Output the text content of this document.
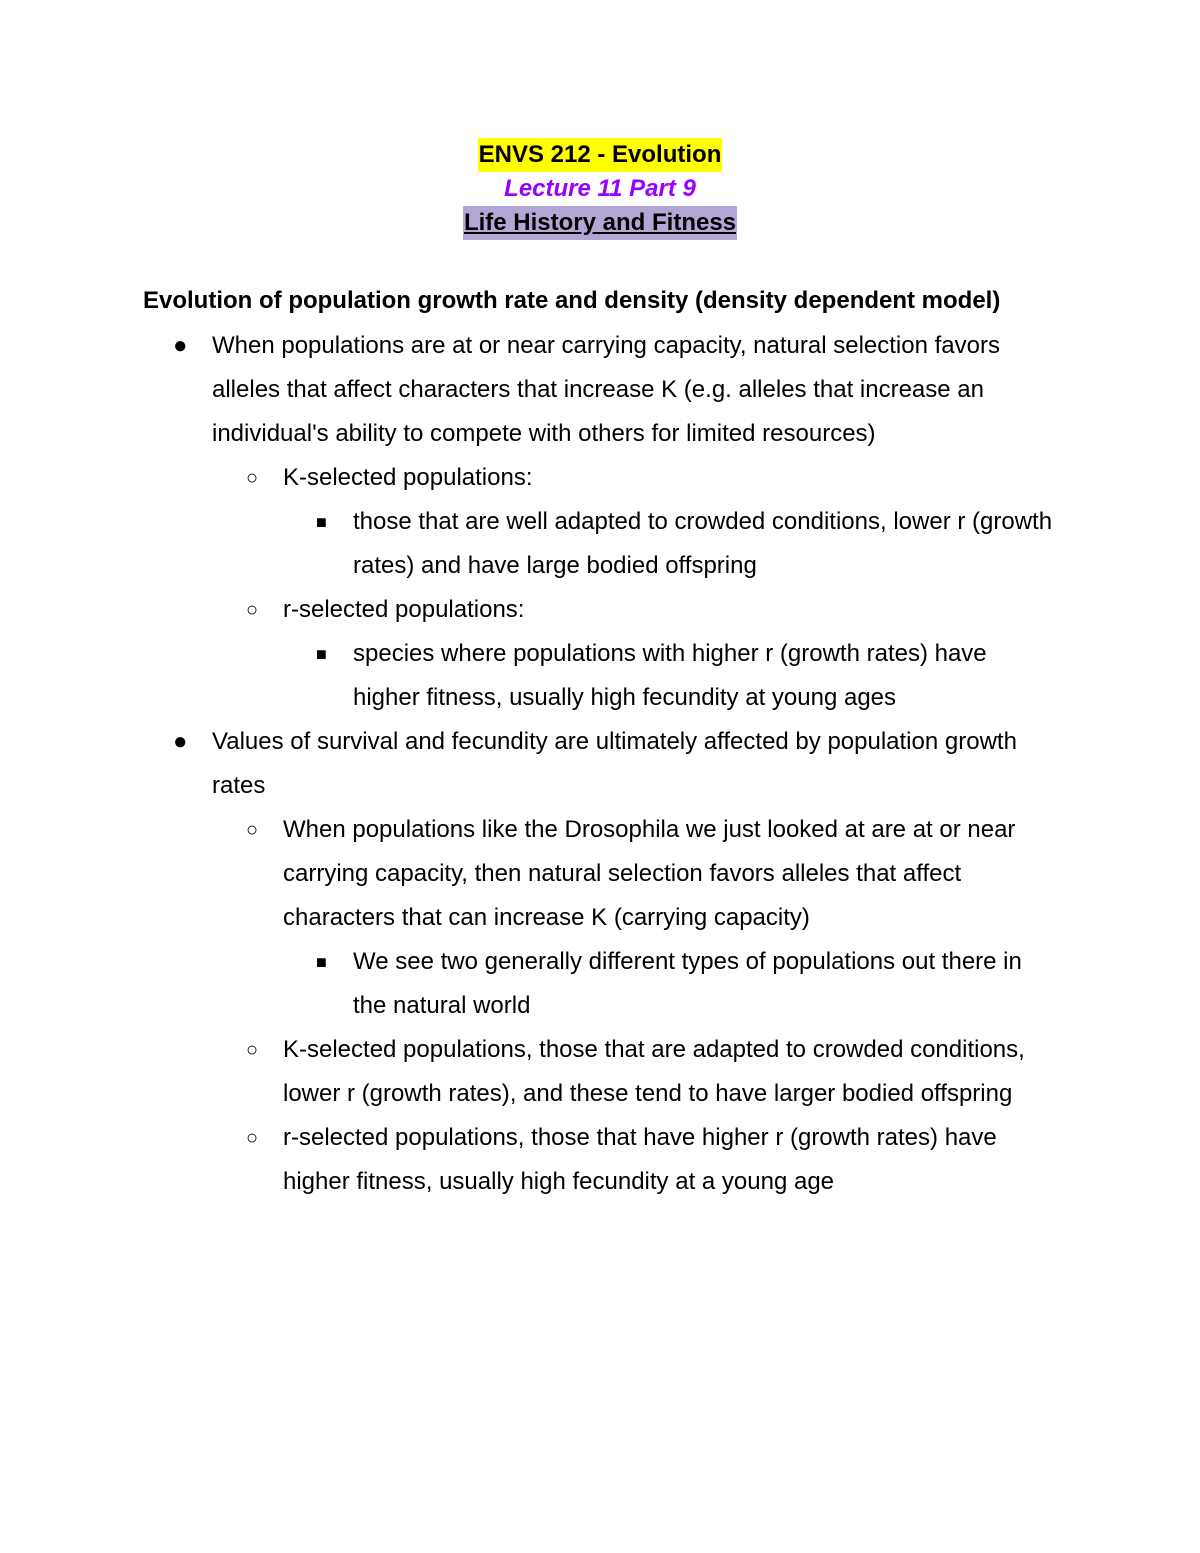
ENVS 212 - Evolution

Lecture 11 Part 9

Life History and Fitness

Evolution of population growth rate and density (density dependent model)

● When populations are at or near carrying capacity, natural selection favors alleles that affect characters that increase K (e.g. alleles that increase an individual's ability to compete with others for limited resources)
○ K-selected populations:
■ those that are well adapted to crowded conditions, lower r (growth rates) and have large bodied offspring
○ r-selected populations:
■ species where populations with higher r (growth rates) have higher fitness, usually high fecundity at young ages
● Values of survival and fecundity are ultimately affected by population growth rates
○ When populations like the Drosophila we just looked at are at or near carrying capacity, then natural selection favors alleles that affect characters that can increase K (carrying capacity)
■ We see two generally different types of populations out there in the natural world
○ K-selected populations, those that are adapted to crowded conditions, lower r (growth rates), and these tend to have larger bodied offspring
○ r-selected populations, those that have higher r (growth rates) have higher fitness, usually high fecundity at a young age
